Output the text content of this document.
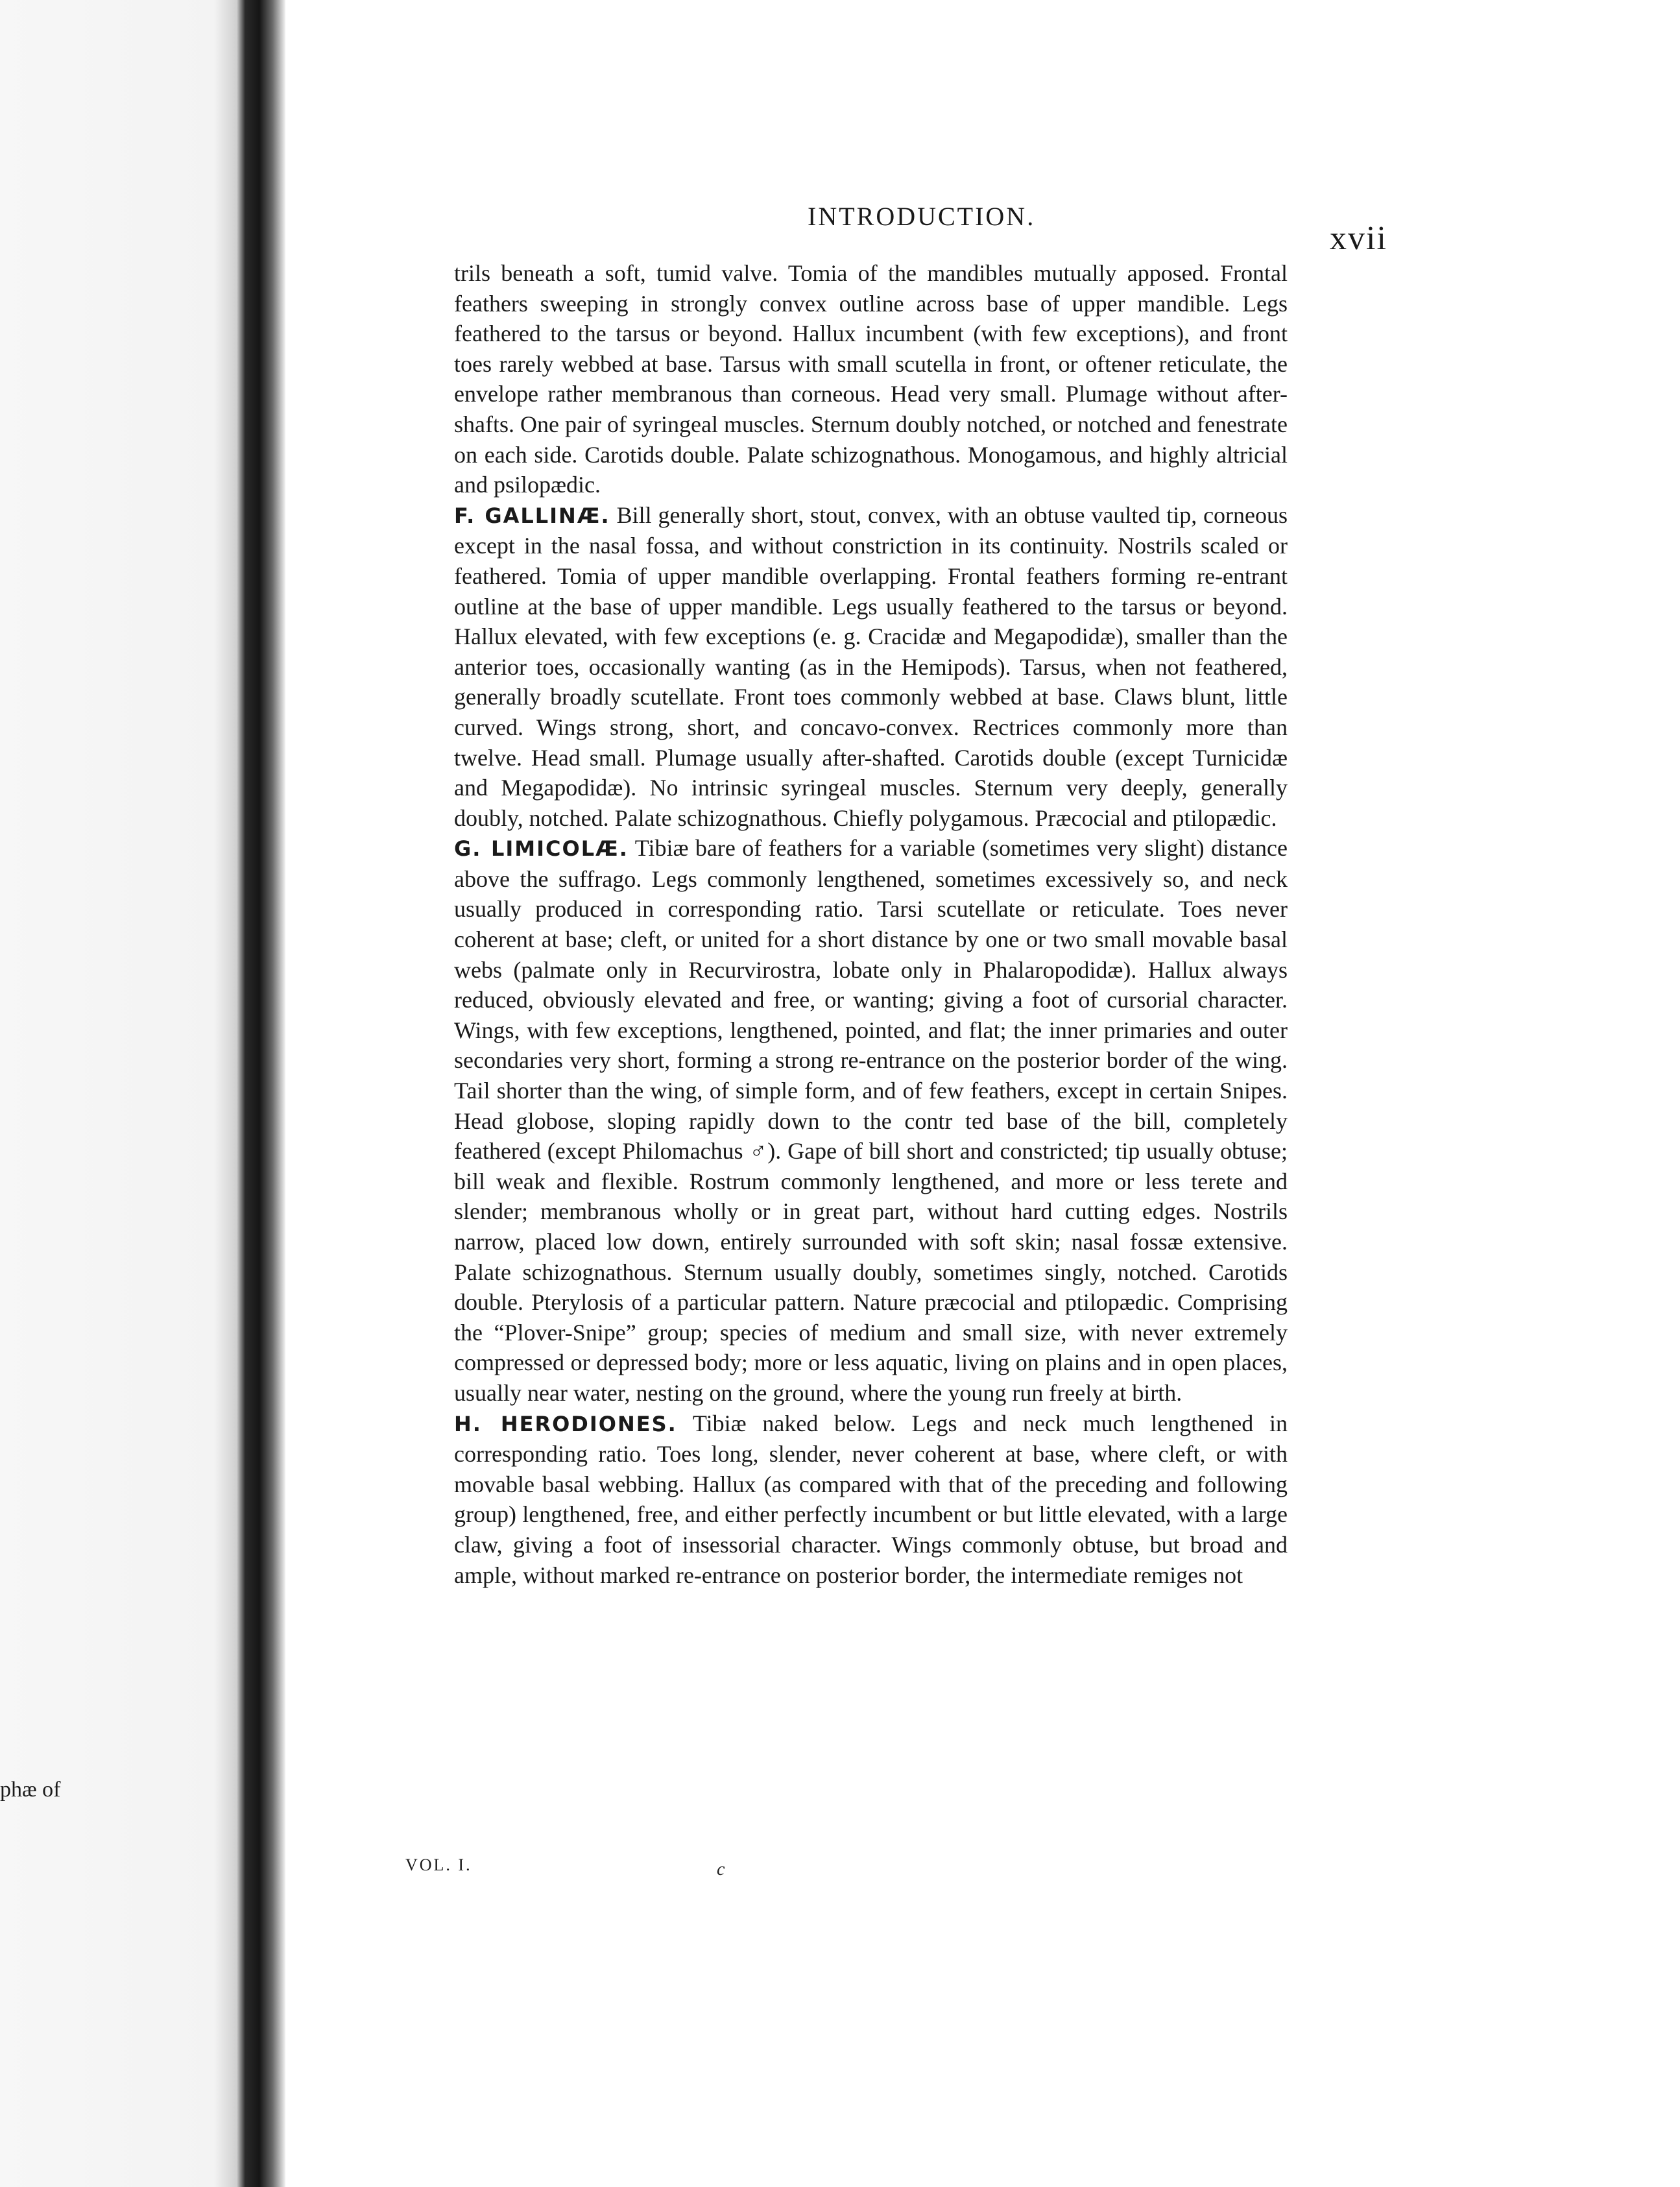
phæ of
INTRODUCTION.
xvii

trils beneath a soft, tumid valve. Tomia of the mandibles mutually apposed. Frontal feathers sweeping in strongly convex outline across base of upper mandible. Legs feathered to the tarsus or beyond. Hallux incumbent (with few exceptions), and front toes rarely webbed at base. Tarsus with small scutella in front, or oftener reticulate, the envelope rather membranous than corneous. Head very small. Plumage without after-shafts. One pair of syringeal muscles. Sternum doubly notched, or notched and fenestrate on each side. Carotids double. Palate schizognathous. Monogamous, and highly altricial and psilopædic.

F. GALLINÆ. Bill generally short, stout, convex, with an obtuse vaulted tip, corneous except in the nasal fossa, and without constriction in its continuity. Nostrils scaled or feathered. Tomia of upper mandible overlapping. Frontal feathers forming re-entrant outline at the base of upper mandible. Legs usually feathered to the tarsus or beyond. Hallux elevated, with few exceptions (e. g. Cracidæ and Megapodidæ), smaller than the anterior toes, occasionally wanting (as in the Hemipods). Tarsus, when not feathered, generally broadly scutellate. Front toes commonly webbed at base. Claws blunt, little curved. Wings strong, short, and concavo-convex. Rectrices commonly more than twelve. Head small. Plumage usually after-shafted. Carotids double (except Turnicidæ and Megapodidæ). No intrinsic syringeal muscles. Sternum very deeply, generally doubly, notched. Palate schizognathous. Chiefly polygamous. Præcocial and ptilopædic.

G. LIMICOLÆ. Tibiæ bare of feathers for a variable (sometimes very slight) distance above the suffrago. Legs commonly lengthened, sometimes excessively so, and neck usually produced in corresponding ratio. Tarsi scutellate or reticulate. Toes never coherent at base; cleft, or united for a short distance by one or two small movable basal webs (palmate only in Recurvirostra, lobate only in Phalaropodidæ). Hallux always reduced, obviously elevated and free, or wanting; giving a foot of cursorial character. Wings, with few exceptions, lengthened, pointed, and flat; the inner primaries and outer secondaries very short, forming a strong re-entrance on the posterior border of the wing. Tail shorter than the wing, of simple form, and of few feathers, except in certain Snipes. Head globose, sloping rapidly down to the contr ted base of the bill, completely feathered (except Philomachus ♂). Gape of bill short and constricted; tip usually obtuse; bill weak and flexible. Rostrum commonly lengthened, and more or less terete and slender; membranous wholly or in great part, without hard cutting edges. Nostrils narrow, placed low down, entirely surrounded with soft skin; nasal fossæ extensive. Palate schizognathous. Sternum usually doubly, sometimes singly, notched. Carotids double. Pterylosis of a particular pattern. Nature præcocial and ptilopædic. Comprising the “Plover-Snipe” group; species of medium and small size, with never extremely compressed or depressed body; more or less aquatic, living on plains and in open places, usually near water, nesting on the ground, where the young run freely at birth.

H. HERODIONES. Tibiæ naked below. Legs and neck much lengthened in corresponding ratio. Toes long, slender, never coherent at base, where cleft, or with movable basal webbing. Hallux (as compared with that of the preceding and following group) lengthened, free, and either perfectly incumbent or but little elevated, with a large claw, giving a foot of insessorial character. Wings commonly obtuse, but broad and ample, without marked re-entrance on posterior border, the intermediate remiges not

VOL. I.	c
